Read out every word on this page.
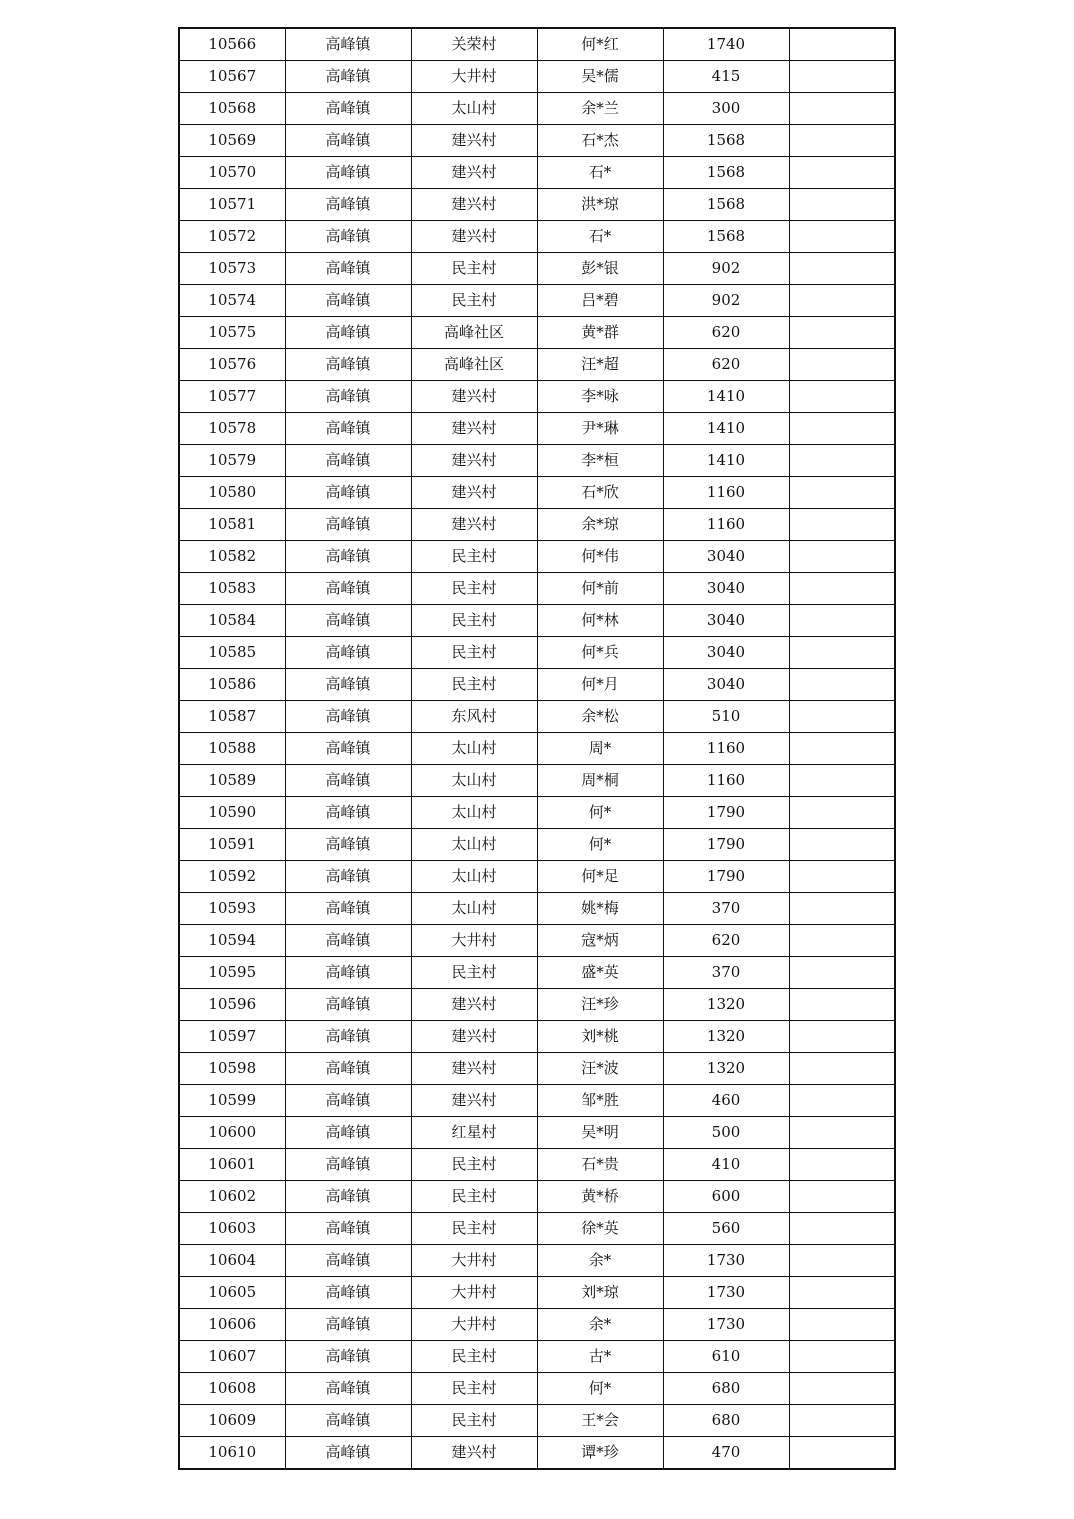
10566	高峰镇	关荣村	何*红	1740	
10567	高峰镇	大井村	吴*儒	415	
10568	高峰镇	太山村	余*兰	300	
10569	高峰镇	建兴村	石*杰	1568	
10570	高峰镇	建兴村	石*	1568	
10571	高峰镇	建兴村	洪*琼	1568	
10572	高峰镇	建兴村	石*	1568	
10573	高峰镇	民主村	彭*银	902	
10574	高峰镇	民主村	吕*碧	902	
10575	高峰镇	高峰社区	黄*群	620	
10576	高峰镇	高峰社区	汪*超	620	
10577	高峰镇	建兴村	李*咏	1410	
10578	高峰镇	建兴村	尹*琳	1410	
10579	高峰镇	建兴村	李*桓	1410	
10580	高峰镇	建兴村	石*欣	1160	
10581	高峰镇	建兴村	余*琼	1160	
10582	高峰镇	民主村	何*伟	3040	
10583	高峰镇	民主村	何*前	3040	
10584	高峰镇	民主村	何*林	3040	
10585	高峰镇	民主村	何*兵	3040	
10586	高峰镇	民主村	何*月	3040	
10587	高峰镇	东风村	余*松	510	
10588	高峰镇	太山村	周*	1160	
10589	高峰镇	太山村	周*桐	1160	
10590	高峰镇	太山村	何*	1790	
10591	高峰镇	太山村	何*	1790	
10592	高峰镇	太山村	何*足	1790	
10593	高峰镇	太山村	姚*梅	370	
10594	高峰镇	大井村	寇*炳	620	
10595	高峰镇	民主村	盛*英	370	
10596	高峰镇	建兴村	汪*珍	1320	
10597	高峰镇	建兴村	刘*桃	1320	
10598	高峰镇	建兴村	汪*波	1320	
10599	高峰镇	建兴村	邹*胜	460	
10600	高峰镇	红星村	吴*明	500	
10601	高峰镇	民主村	石*贵	410	
10602	高峰镇	民主村	黄*桥	600	
10603	高峰镇	民主村	徐*英	560	
10604	高峰镇	大井村	余*	1730	
10605	高峰镇	大井村	刘*琼	1730	
10606	高峰镇	大井村	余*	1730	
10607	高峰镇	民主村	古*	610	
10608	高峰镇	民主村	何*	680	
10609	高峰镇	民主村	王*会	680	
10610	高峰镇	建兴村	谭*珍	470	
